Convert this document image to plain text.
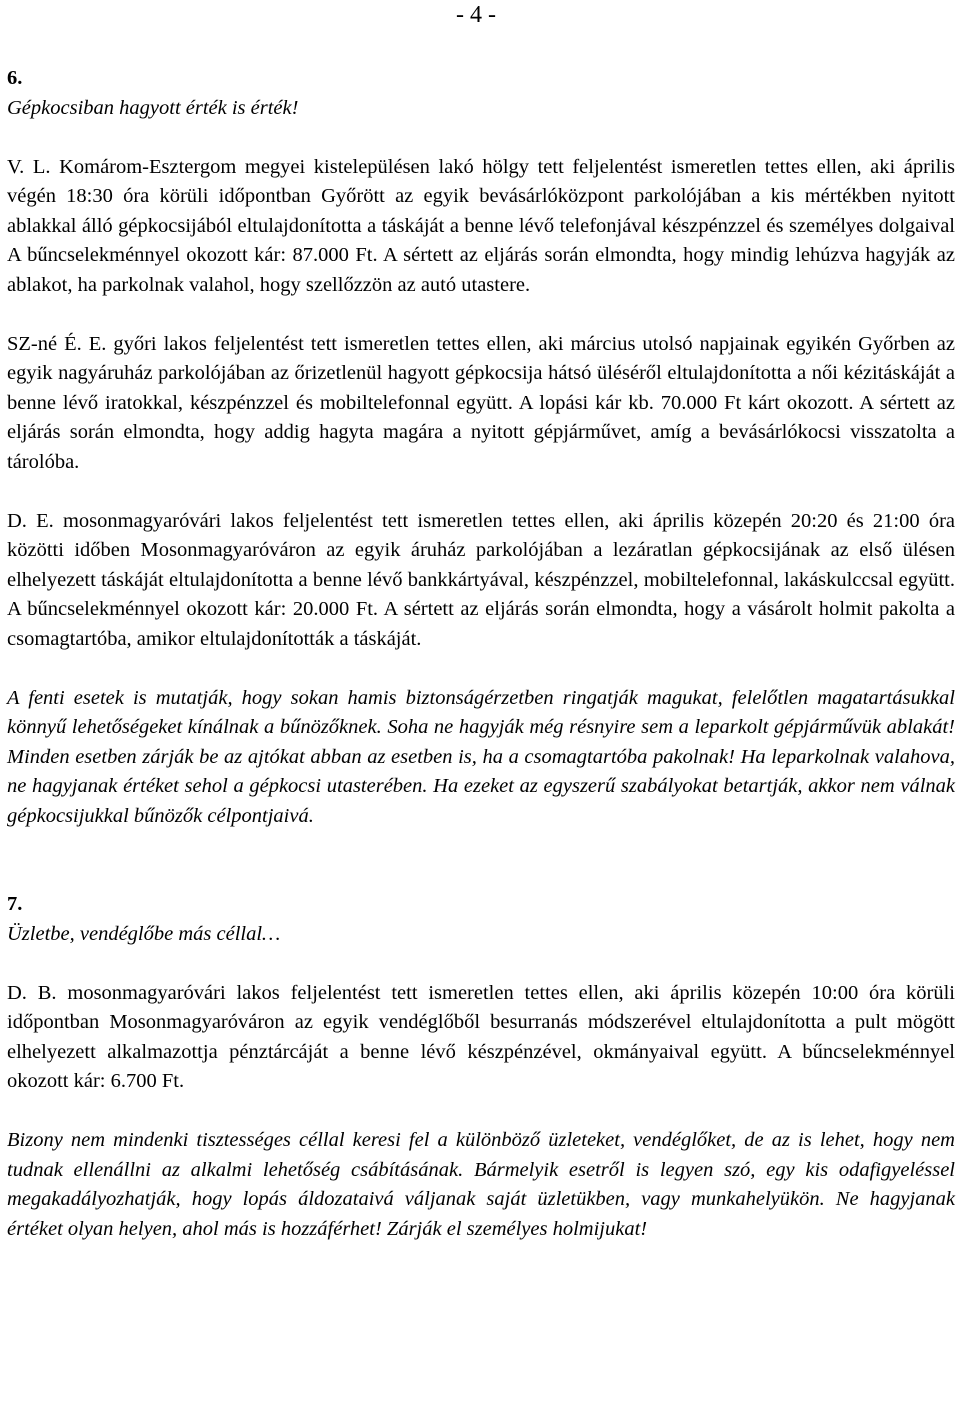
- 4 -

6.

Gépkocsiban hagyott érték is érték!

V. L. Komárom-Esztergom megyei kistelepülésen lakó hölgy tett feljelentést ismeretlen tettes ellen, aki április végén 18:30 óra körüli időpontban Győrött az egyik bevásárlóközpont parkolójában a kis mértékben nyitott ablakkal álló gépkocsijából eltulajdonította a táskáját a benne lévő telefonjával készpénzzel és személyes dolgaival A bűncselekménnyel okozott kár: 87.000 Ft. A sértett az eljárás során elmondta, hogy mindig lehúzva hagyják az ablakot, ha parkolnak valahol, hogy szellőzzön az autó utastere.

SZ-né É. E. győri lakos feljelentést tett ismeretlen tettes ellen, aki március utolsó napjainak egyikén Győrben az egyik nagyáruház parkolójában az őrizetlenül hagyott gépkocsija hátsó üléséről eltulajdonította a női kézitáskáját a benne lévő iratokkal, készpénzzel és mobiltelefonnal együtt. A lopási kár kb. 70.000 Ft kárt okozott. A sértett az eljárás során elmondta, hogy addig hagyta magára a nyitott gépjárművet, amíg a bevásárlókocsi visszatolta a tárolóba.

D. E. mosonmagyaróvári lakos feljelentést tett ismeretlen tettes ellen, aki április közepén 20:20 és 21:00 óra közötti időben Mosonmagyaróváron az egyik áruház parkolójában a lezáratlan gépkocsijának az első ülésen elhelyezett táskáját eltulajdonította a benne lévő bankkártyával, készpénzzel, mobiltelefonnal, lakáskulccsal együtt. A bűncselekménnyel okozott kár: 20.000 Ft. A sértett az eljárás során elmondta, hogy a vásárolt holmit pakolta a csomagtartóba, amikor eltulajdonították a táskáját.

A fenti esetek is mutatják, hogy sokan hamis biztonságérzetben ringatják magukat, felelőtlen magatartásukkal könnyű lehetőségeket kínálnak a bűnözőknek. Soha ne hagyják még résnyire sem a leparkolt gépjárművük ablakát! Minden esetben zárják be az ajtókat abban az esetben is, ha a csomagtartóba pakolnak! Ha leparkolnak valahova, ne hagyjanak értéket sehol a gépkocsi utasterében. Ha ezeket az egyszerű szabályokat betartják, akkor nem válnak gépkocsijukkal bűnözők célpontjaivá.

7.

Üzletbe, vendéglőbe más céllal…

D. B. mosonmagyaróvári lakos feljelentést tett ismeretlen tettes ellen, aki április közepén 10:00 óra körüli időpontban Mosonmagyaróváron az egyik vendéglőből besurranás módszerével eltulajdonította a pult mögött elhelyezett alkalmazottja pénztárcáját a benne lévő készpénzével, okmányaival együtt. A bűncselekménnyel okozott kár: 6.700 Ft.

Bizony nem mindenki tisztességes céllal keresi fel a különböző üzleteket, vendéglőket, de az is lehet, hogy nem tudnak ellenállni az alkalmi lehetőség csábításának. Bármelyik esetről is legyen szó, egy kis odafigyeléssel megakadályozhatják, hogy lopás áldozataivá váljanak saját üzletükben, vagy munkahelyükön. Ne hagyjanak értéket olyan helyen, ahol más is hozzáférhet! Zárják el személyes holmijukat!
